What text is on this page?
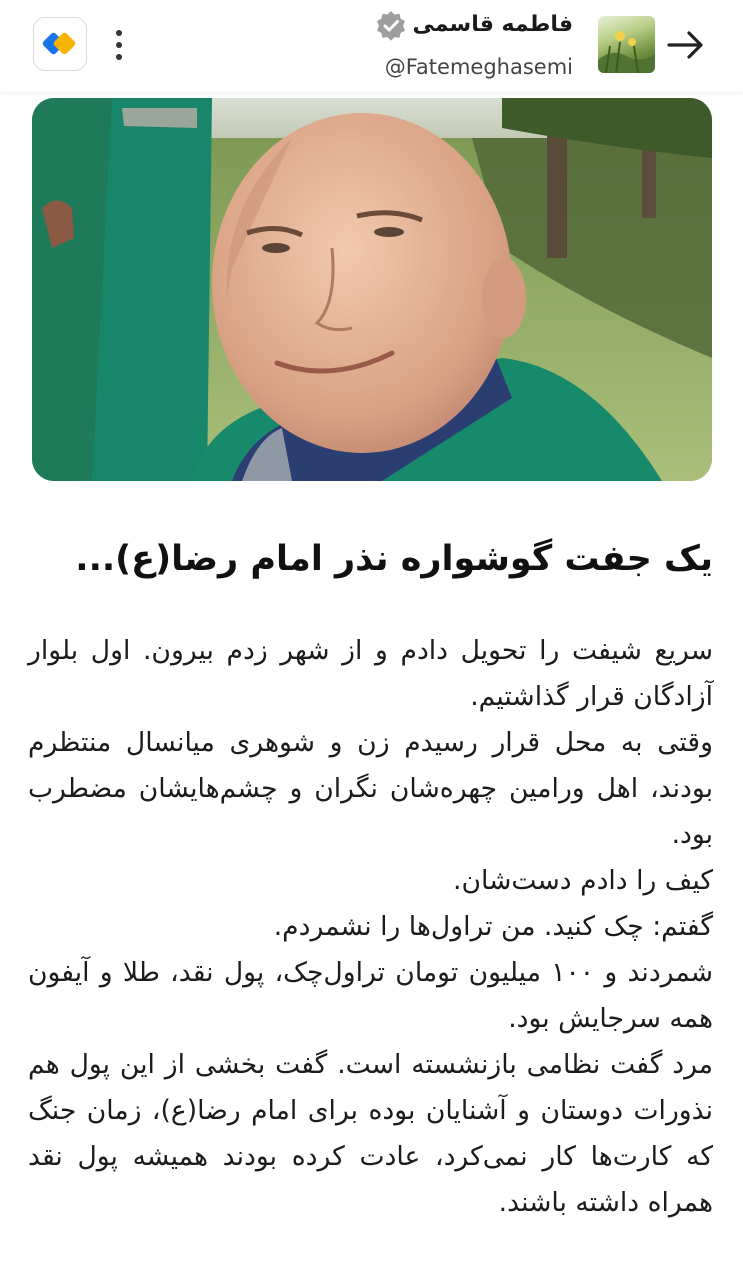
فاطمه قاسمی
@Fatemeghasemi
یک جفت گوشواره نذر امام رضا(ع)...

سریع شیفت را تحویل دادم و از شهر زدم بیرون. اول بلوار آزادگان قرار گذاشتیم.

وقتی به محل قرار رسیدم زن و شوهری میانسال منتظرم بودند، اهل ورامین چهره‌شان نگران و چشم‌هایشان مضطرب بود.

کیف را دادم دست‌شان.

گفتم: چک کنید. من تراول‌ها را نشمردم.

شمردند و ۱۰۰ میلیون تومان تراول‌چک، پول نقد، طلا و آیفون همه سرجایش بود.

مرد گفت نظامی بازنشسته است. گفت بخشی از این پول هم نذورات دوستان و آشنایان بوده برای امام رضا(ع)، زمان جنگ که کارت‌ها کار نمی‌کرد، عادت کرده بودند همیشه پول نقد همراه داشته باشند.
